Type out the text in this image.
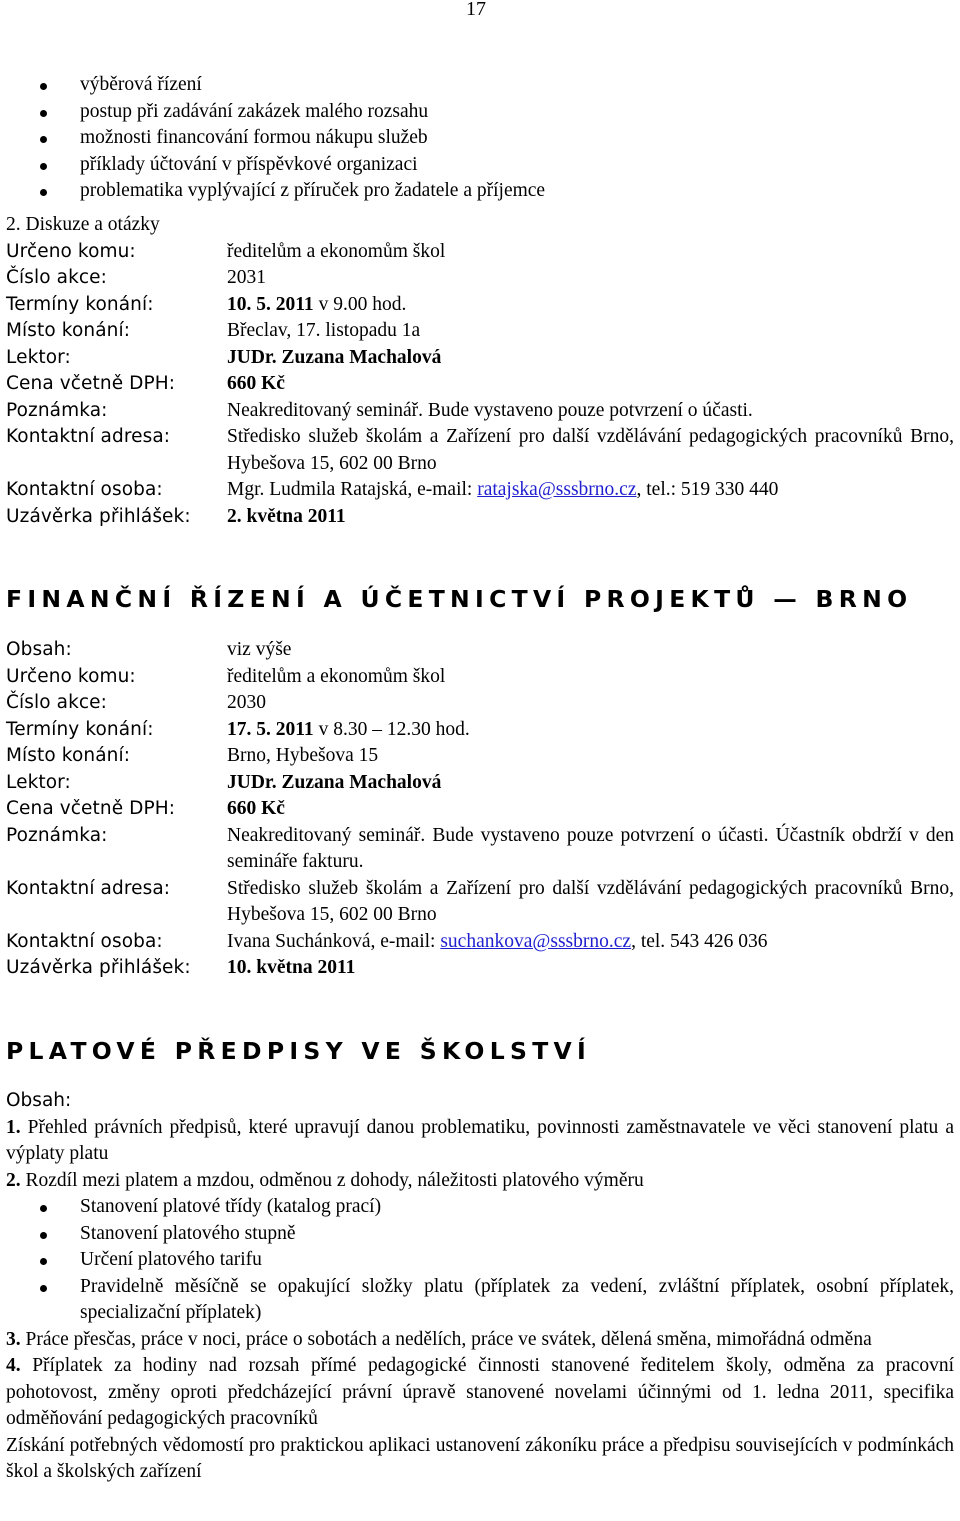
17
výběrová řízení
postup při zadávání zakázek malého rozsahu
možnosti financování formou nákupu služeb
příklady účtování v příspěvkové organizaci
problematika vyplývající z příruček pro žadatele a příjemce
2. Diskuze a otázky
Určeno komu:	ředitelům a ekonomům škol
Číslo akce:	2031
Termíny konání:	10. 5. 2011 v 9.00 hod.
Místo konání:	Břeclav, 17. listopadu 1a
Lektor:	JUDr. Zuzana Machalová
Cena včetně DPH:	660 Kč
Poznámka:	Neakreditovaný seminář. Bude vystaveno pouze potvrzení o účasti.
Kontaktní adresa:	Středisko služeb školám a Zařízení pro další vzdělávání pedagogických pracovníků Brno, Hybešova 15, 602 00 Brno
Kontaktní osoba:	Mgr. Ludmila Ratajská, e-mail: ratajska@sssbrno.cz, tel.: 519 330 440
Uzávěrka přihlášek:	2. května 2011
FINANČNÍ ŘÍZENÍ A ÚČETNICTVÍ PROJEKTŮ — BRNO
Obsah:	viz výše
Určeno komu:	ředitelům a ekonomům škol
Číslo akce:	2030
Termíny konání:	17. 5. 2011 v 8.30 – 12.30 hod.
Místo konání:	Brno, Hybešova 15
Lektor:	JUDr. Zuzana Machalová
Cena včetně DPH:	660 Kč
Poznámka:	Neakreditovaný seminář. Bude vystaveno pouze potvrzení o účasti. Účastník obdrží v den semináře fakturu.
Kontaktní adresa:	Středisko služeb školám a Zařízení pro další vzdělávání pedagogických pracovníků Brno, Hybešova 15, 602 00 Brno
Kontaktní osoba:	Ivana Suchánková, e-mail: suchankova@sssbrno.cz, tel. 543 426 036
Uzávěrka přihlášek:	10. května 2011
PLATOVÉ PŘEDPISY VE ŠKOLSTVÍ
Obsah:
1. Přehled právních předpisů, které upravují danou problematiku, povinnosti zaměstnavatele ve věci stanovení platu a výplaty platu
2. Rozdíl mezi platem a mzdou, odměnou z dohody, náležitosti platového výměru
Stanovení platové třídy (katalog prací)
Stanovení platového stupně
Určení platového tarifu
Pravidelně měsíčně se opakující složky platu (příplatek za vedení, zvláštní příplatek, osobní příplatek, specializační příplatek)
3. Práce přesčas, práce v noci, práce o sobotách a nedělích, práce ve svátek, dělená směna, mimořádná odměna
4. Příplatek za hodiny nad rozsah přímé pedagogické činnosti stanovené ředitelem školy, odměna za pracovní pohotovost, změny oproti předcházející právní úpravě stanovené novelami účinnými od 1. ledna 2011, specifika odměňování pedagogických pracovníků
Získání potřebných vědomostí pro praktickou aplikaci ustanovení zákoníku práce a předpisu souvisejících v podmínkách škol a školských zařízení
